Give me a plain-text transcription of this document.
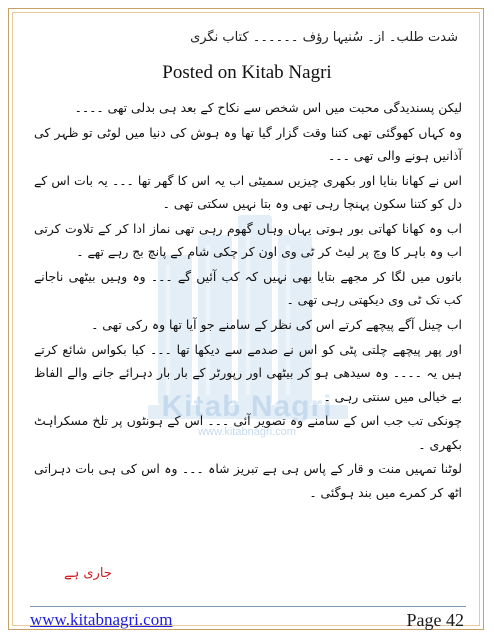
شدت طلب۔ از۔ سُنیہا رؤف ۔۔۔۔۔۔ کتاب نگری
Posted on Kitab Nagri
Kitab Nagri
www.kitabnagri.com

لیکن پسندیدگی محبت میں اس شخص سے نکاح کے بعد ہی بدلی تھی ۔۔۔۔

وہ کہاں کھوگئی تھی کتنا وقت گزار گیا تھا وہ ہوش کی دنیا میں لوٹی تو ظہر کی آذانیں ہونے والی تھی ۔۔۔

اس نے کھانا بنایا اور بکھری چیزیں سمیٹی اب یہ اس کا گھر تھا ۔۔۔ یہ بات اس کے دل کو کتنا سکون پہنچا رہی تھی وہ بتا نہیں سکتی تھی ۔

اب وہ کھانا کھاتی بور ہوتی یہاں وہاں گھوم رہی تھی نماز ادا کر کے تلاوت کرتی اب وہ باہر کا وچ پر لیٹ کر ٹی وی اون کر چکی شام کے پانچ بج رہے تھے ۔

باتوں میں لگا کر مجھے بتایا بھی نہیں کہ کب آئیں گے ۔۔۔ وہ وہیں بیٹھی ناجانے کب تک ٹی وی دیکھتی رہی تھی ۔

اب چینل آگے پیچھے کرتے اس کی نظر کے سامنے جو آیا تھا وہ رکی تھی ۔

اور پھر پیچھے چلتی پٹی کو اس نے صدمے سے دیکھا تھا ۔۔۔ کیا بکواس شائع کرتے ہیں یہ ۔۔۔۔ وہ سیدھی ہو کر بیٹھی اور رپورٹر کے بار بار دہرائے جانے والے الفاظ بے خیالی میں سنتی رہی ۔

چونکی تب جب اس کے سامنے وہ تصویر آئی ۔۔۔ اس کے ہونٹوں پر تلخ مسکراہٹ بکھری ۔

لوٹنا تمہیں منت و قار کے پاس ہی ہے تبریز شاہ ۔۔۔ وہ اس کی ہی بات دہراتی اٹھ کر کمرے میں بند ہوگئی ۔

جاری ہے
www.kitabnagri.com	Page 42
